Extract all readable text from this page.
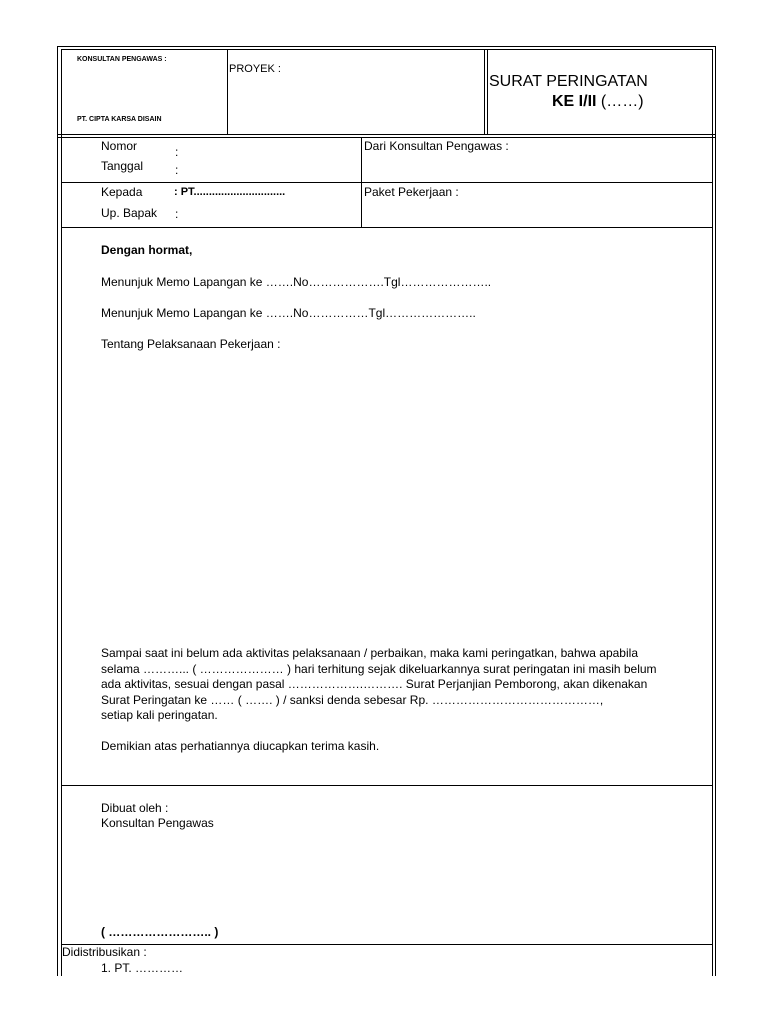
KONSULTAN PENGAWAS :
PT. CIPTA KARSA DISAIN
PROYEK :
SURAT PERINGATAN
KE I/II (……)
Nomor	:
Tanggal	:
Dari Konsultan Pengawas :
Kepada	: PT..............................
Up. Bapak :
Paket Pekerjaan :
Dengan hormat,
Menunjuk Memo Lapangan ke …….No……………….Tgl…………………..
Menunjuk Memo Lapangan ke …….No……………Tgl…………………..
Tentang Pelaksanaan Pekerjaan :
Sampai saat ini belum ada aktivitas pelaksanaan / perbaikan, maka kami peringatkan, bahwa apabila
selama ………... ( ………………… ) hari terhitung sejak dikeluarkannya surat peringatan ini masih belum
ada aktivitas, sesuai dengan pasal ……………….………. Surat Perjanjian Pemborong, akan dikenakan
Surat Peringatan ke …… ( ……. ) / sanksi denda sebesar Rp. ……………………………………,
setiap kali peringatan.
Demikian atas perhatiannya diucapkan terima kasih.
Dibuat oleh :
Konsultan Pengawas
( …………………….. )
Didistribusikan :
1. PT. …………
